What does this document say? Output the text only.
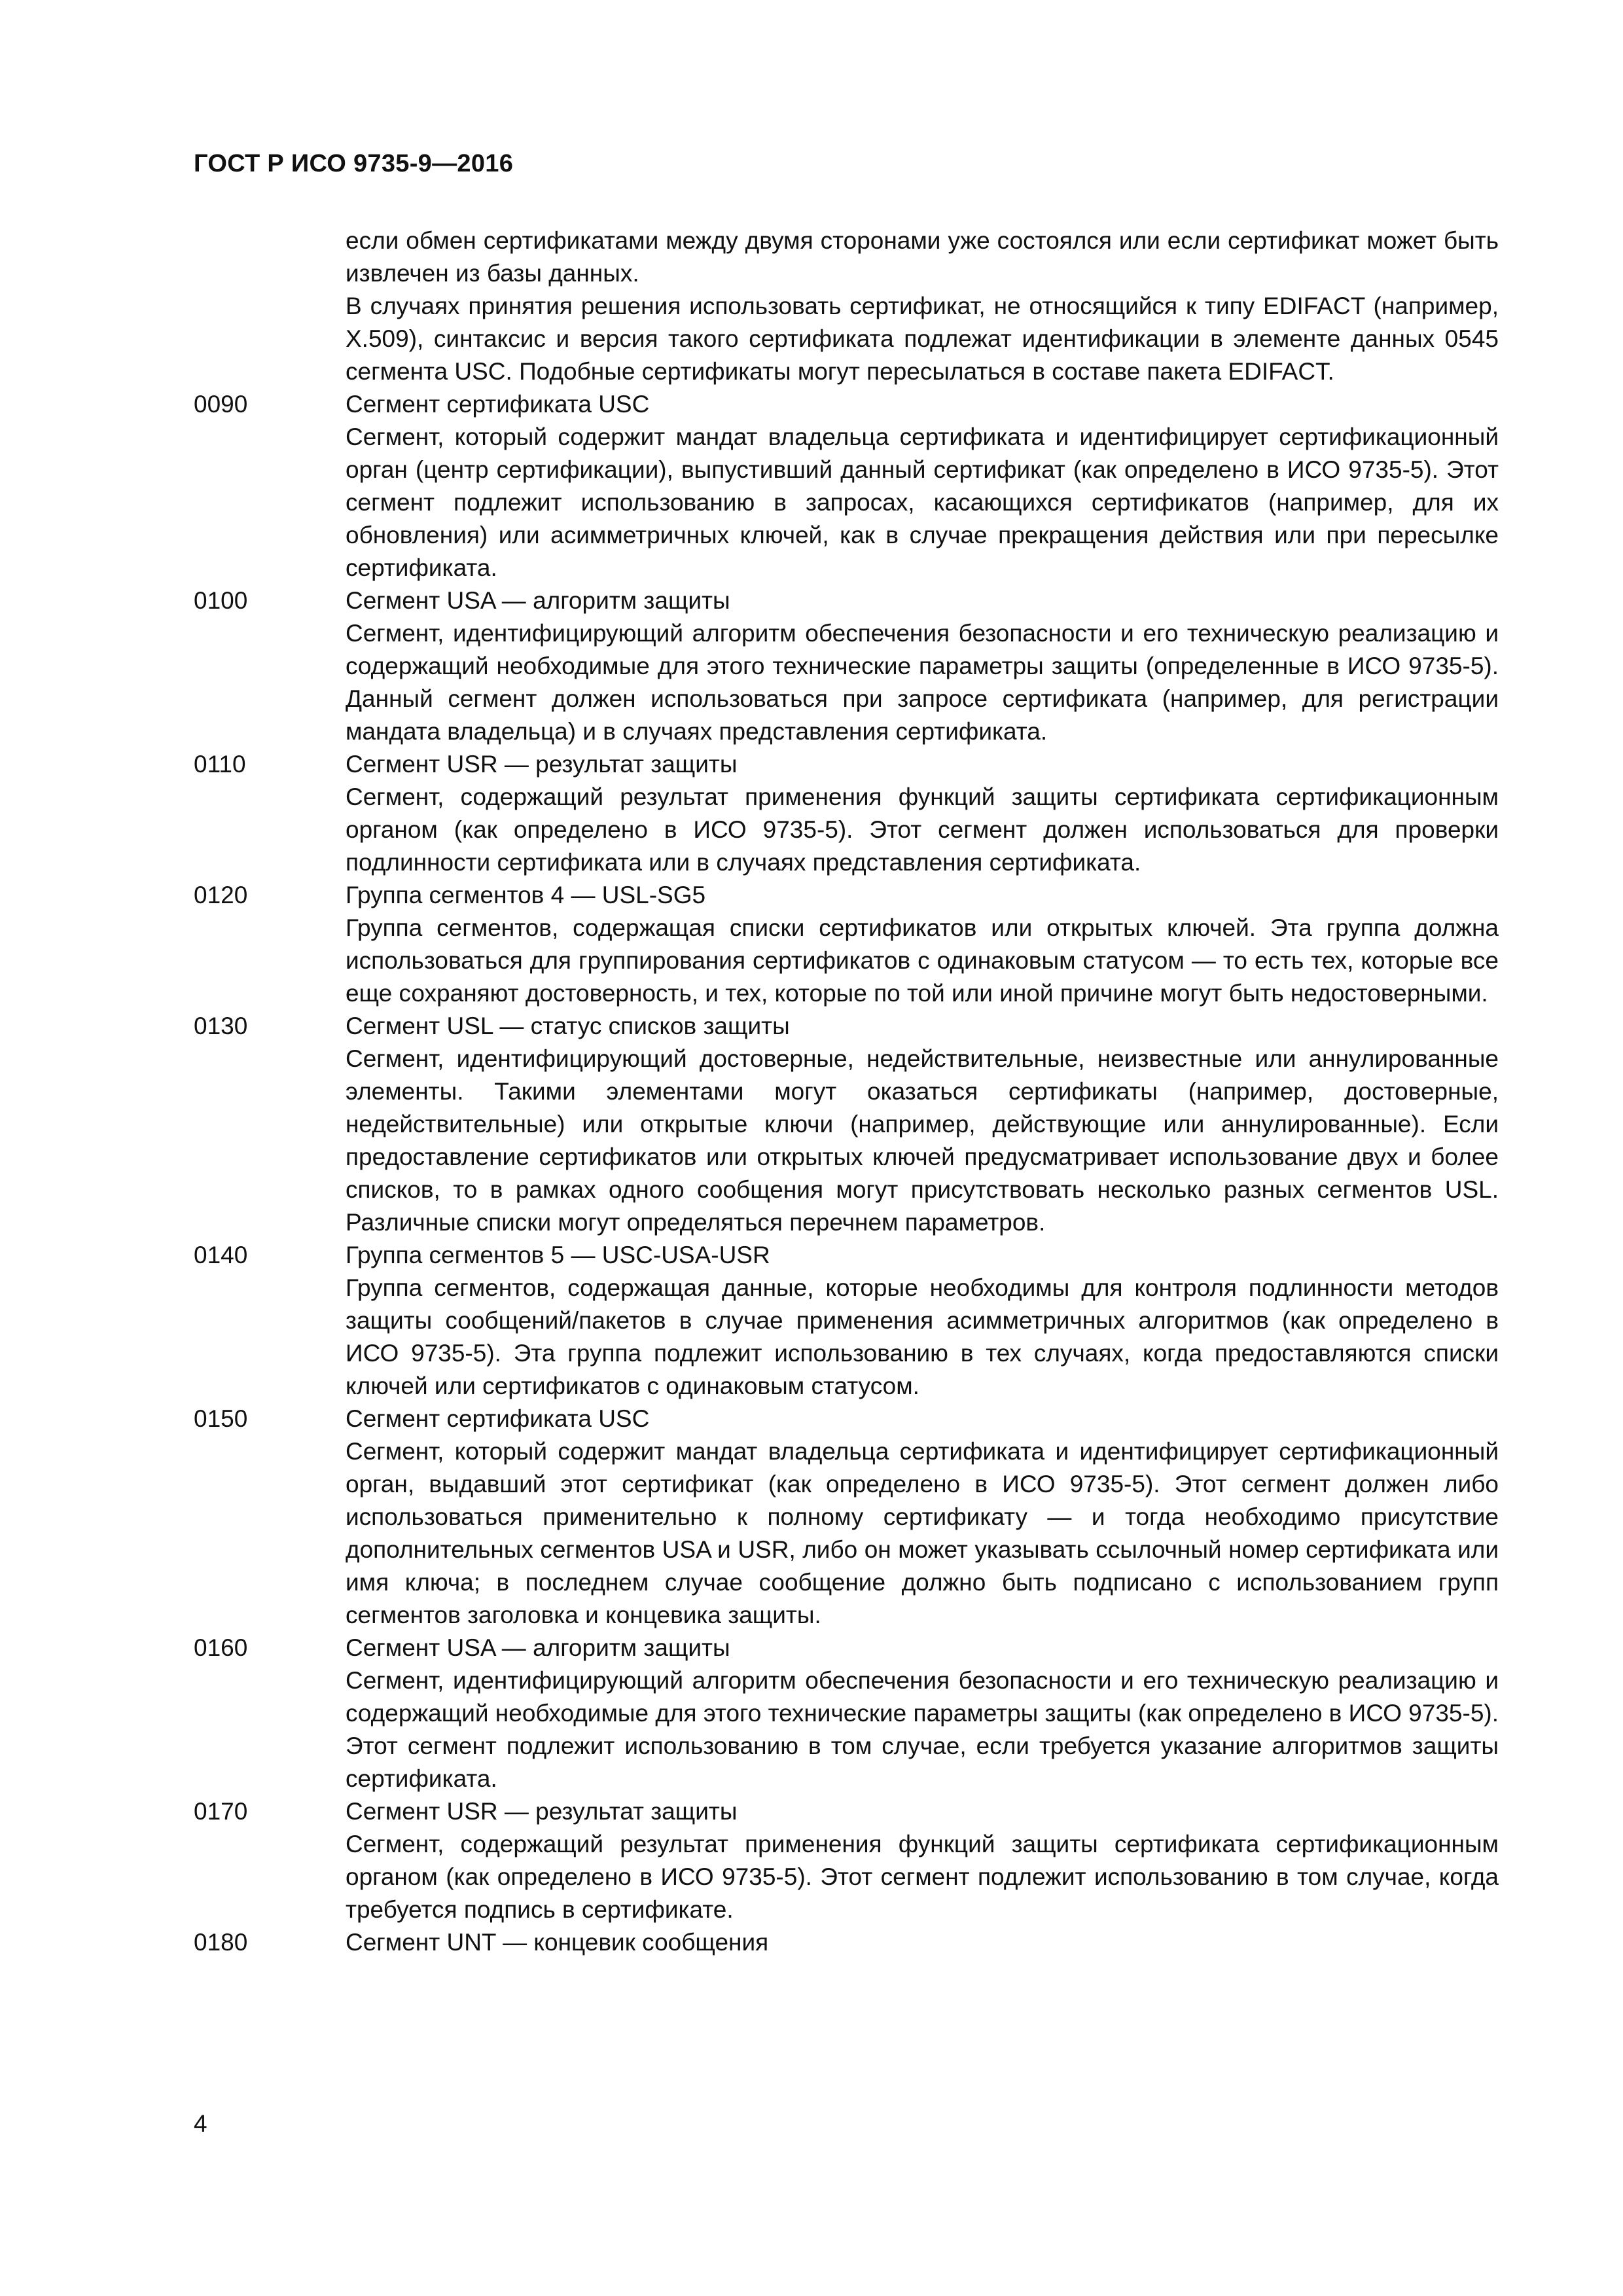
ГОСТ Р ИСО 9735-9—2016

если обмен сертификатами между двумя сторонами уже состоялся или если сертификат может быть извлечен из базы данных.

В случаях принятия решения использовать сертификат, не относящийся к типу EDIFACT (например, X.509), синтаксис и версия такого сертификата подлежат идентификации в элементе данных 0545 сегмента USC. Подобные сертификаты могут пересылаться в составе пакета EDIFACT.

0090	Сегмент сертификата USC

Сегмент, который содержит мандат владельца сертификата и идентифицирует сертификационный орган (центр сертификации), выпустивший данный сертификат (как определено в ИСО 9735-5). Этот сегмент подлежит использованию в запросах, касающихся сертификатов (например, для их обновления) или асимметричных ключей, как в случае прекращения действия или при пересылке сертификата.

0100	Сегмент USA — алгоритм защиты

Сегмент, идентифицирующий алгоритм обеспечения безопасности и его техническую реализацию и содержащий необходимые для этого технические параметры защиты (определенные в ИСО 9735-5). Данный сегмент должен использоваться при запросе сертификата (например, для регистрации мандата владельца) и в случаях представления сертификата.

0110	Сегмент USR — результат защиты

Сегмент, содержащий результат применения функций защиты сертификата сертификационным органом (как определено в ИСО 9735-5). Этот сегмент должен использоваться для проверки подлинности сертификата или в случаях представления сертификата.

0120	Группа сегментов 4 — USL-SG5

Группа сегментов, содержащая списки сертификатов или открытых ключей. Эта группа должна использоваться для группирования сертификатов с одинаковым статусом — то есть тех, которые все еще сохраняют достоверность, и тех, которые по той или иной причине могут быть недостоверными.

0130	Сегмент USL — статус списков защиты

Сегмент, идентифицирующий достоверные, недействительные, неизвестные или аннулированные элементы. Такими элементами могут оказаться сертификаты (например, достоверные, недействительные) или открытые ключи (например, действующие или аннулированные). Если предоставление сертификатов или открытых ключей предусматривает использование двух и более списков, то в рамках одного сообщения могут присутствовать несколько разных сегментов USL. Различные списки могут определяться перечнем параметров.

0140	Группа сегментов 5 — USC-USA-USR

Группа сегментов, содержащая данные, которые необходимы для контроля подлинности методов защиты сообщений/пакетов в случае применения асимметричных алгоритмов (как определено в ИСО 9735-5). Эта группа подлежит использованию в тех случаях, когда предоставляются списки ключей или сертификатов с одинаковым статусом.

0150	Сегмент сертификата USC

Сегмент, который содержит мандат владельца сертификата и идентифицирует сертификационный орган, выдавший этот сертификат (как определено в ИСО 9735-5). Этот сегмент должен либо использоваться применительно к полному сертификату — и тогда необходимо присутствие дополнительных сегментов USA и USR, либо он может указывать ссылочный номер сертификата или имя ключа; в последнем случае сообщение должно быть подписано с использованием групп сегментов заголовка и концевика защиты.

0160	Сегмент USA — алгоритм защиты

Сегмент, идентифицирующий алгоритм обеспечения безопасности и его техническую реализацию и содержащий необходимые для этого технические параметры защиты (как определено в ИСО 9735-5). Этот сегмент подлежит использованию в том случае, если требуется указание алгоритмов защиты сертификата.

0170	Сегмент USR — результат защиты

Сегмент, содержащий результат применения функций защиты сертификата сертификационным органом (как определено в ИСО 9735-5). Этот сегмент подлежит использованию в том случае, когда требуется подпись в сертификате.

0180	Сегмент UNT — концевик сообщения
4
